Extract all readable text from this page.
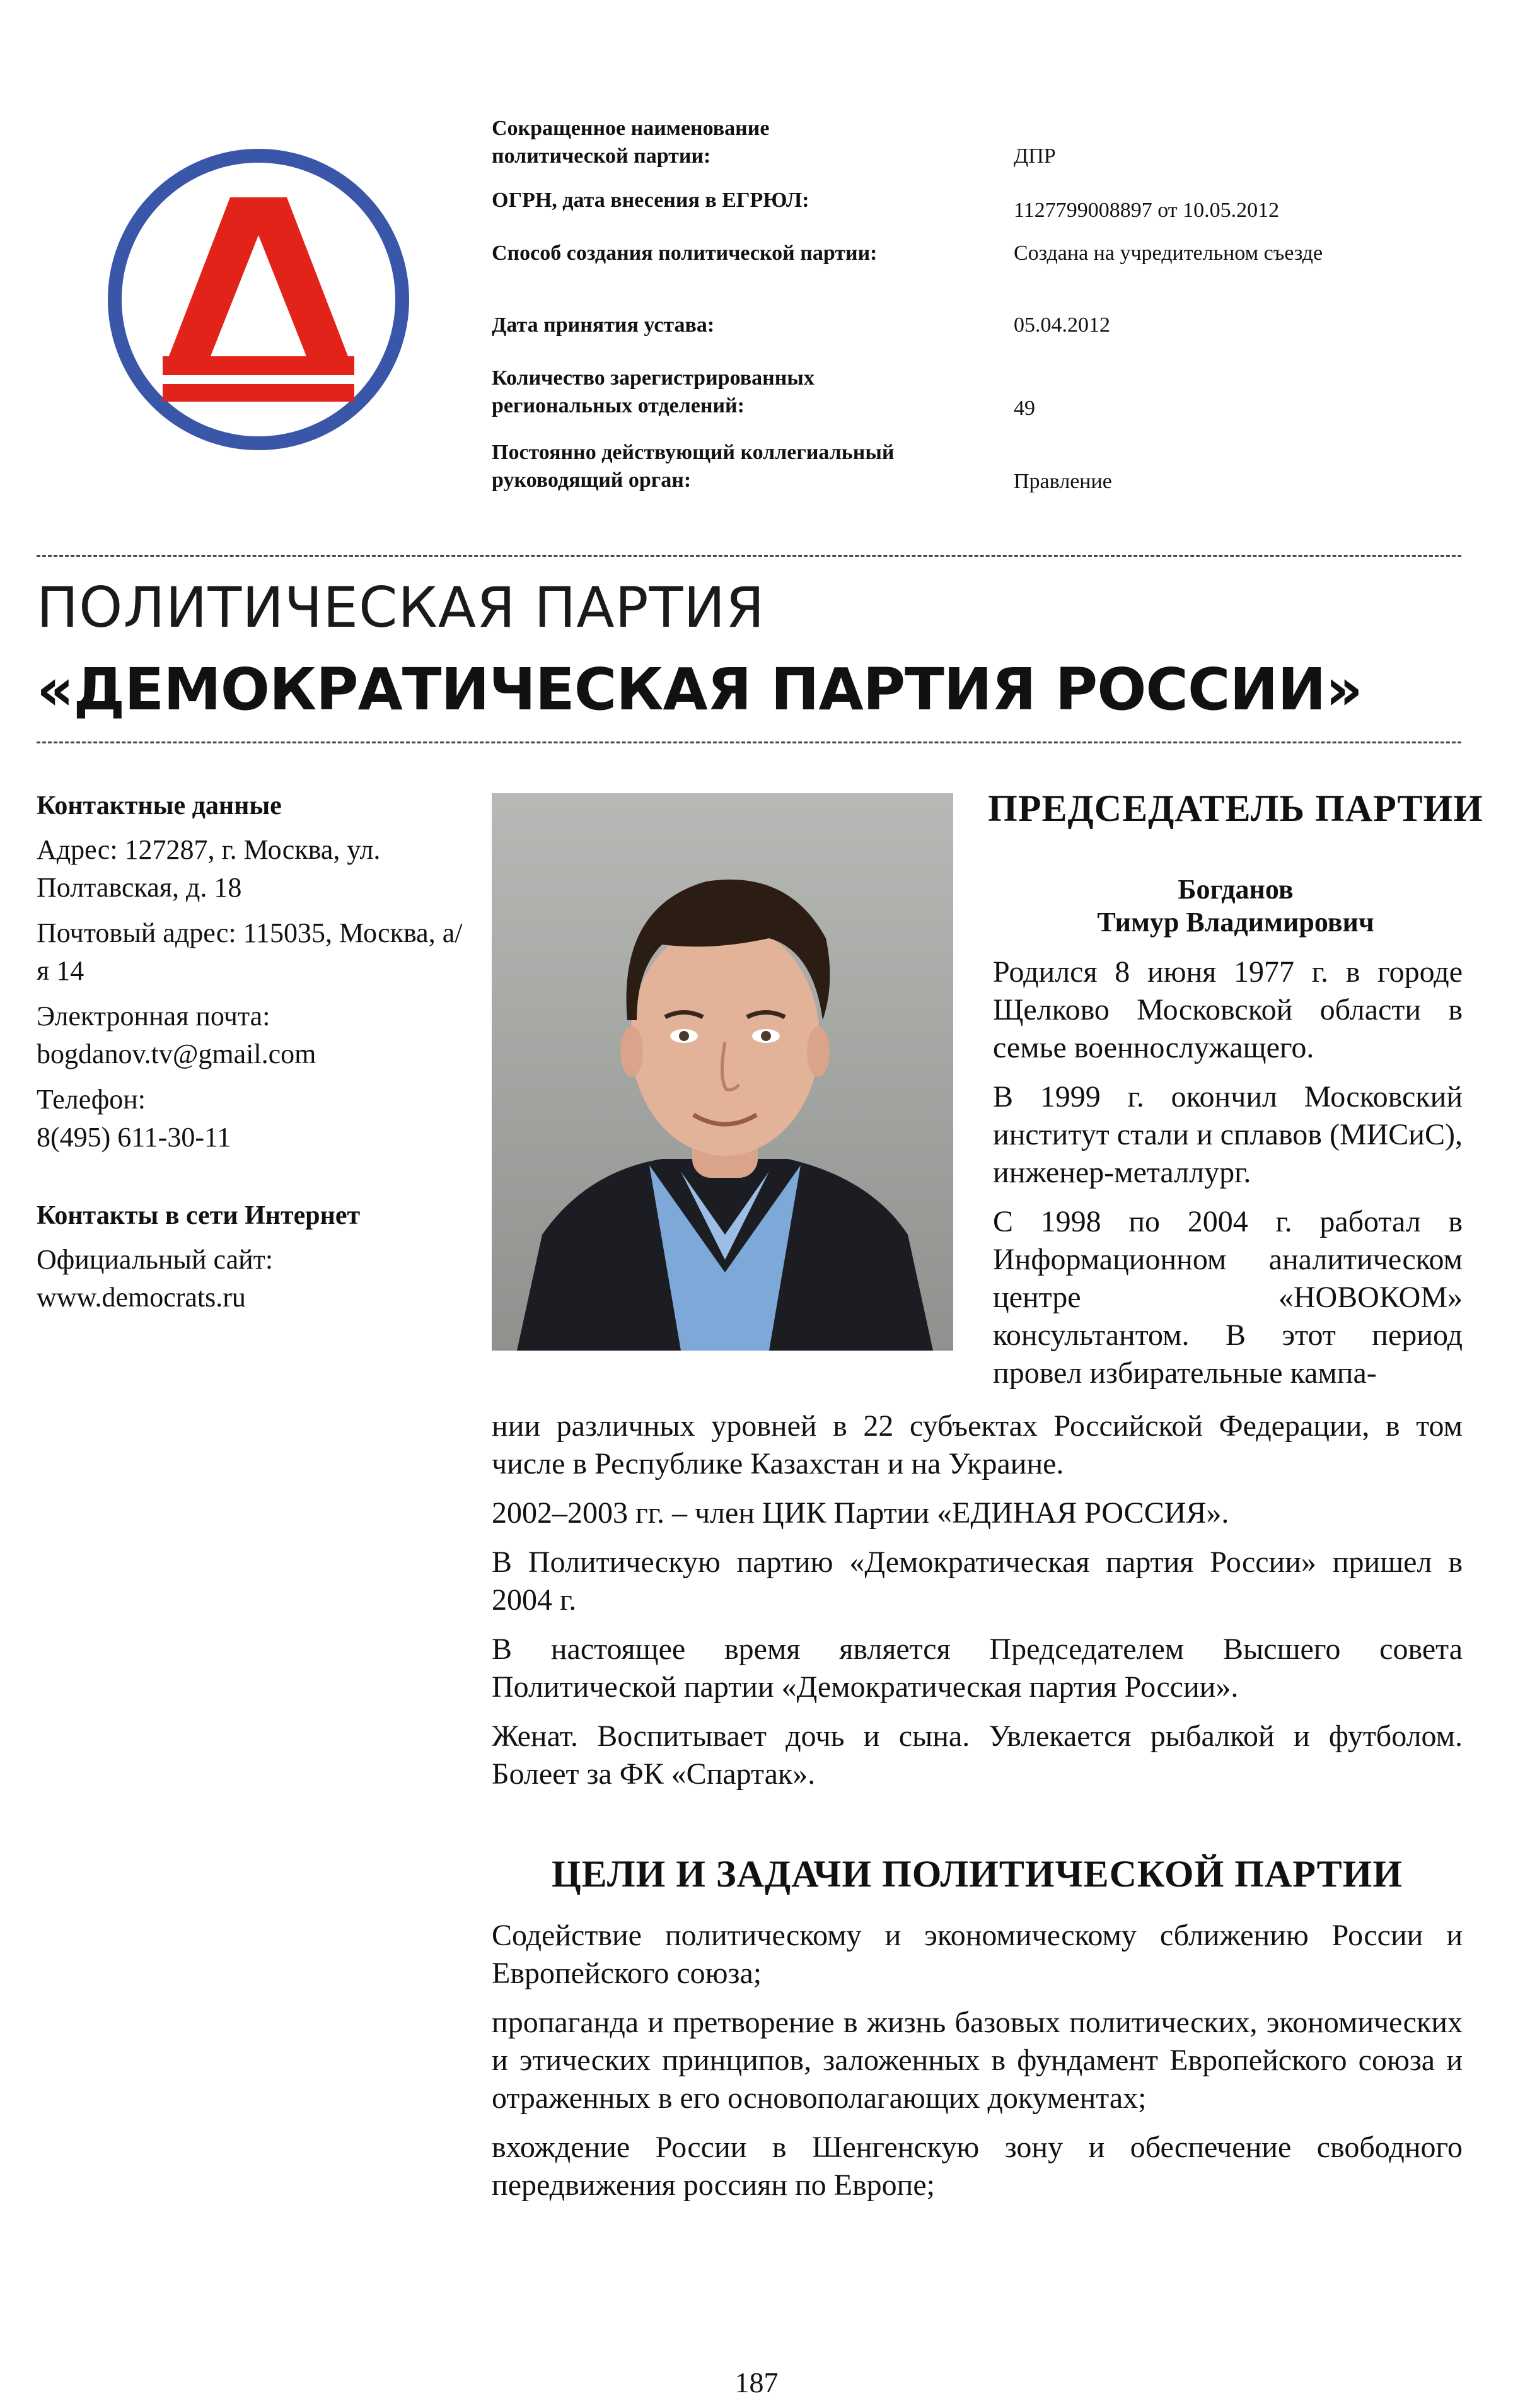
Сокращенное наименование политической партии:	ДПР
ОГРН, дата внесения в ЕГРЮЛ:	1127799008897 от 10.05.2012
Способ создания политической партии:	Создана на учредительном съезде
Дата принятия устава:	05.04.2012
Количество зарегистрированных региональных отделений:	49
Постоянно действующий коллегиальный руководящий орган:	Правление
ПОЛИТИЧЕСКАЯ ПАРТИЯ
«ДЕМОКРАТИЧЕСКАЯ ПАРТИЯ РОССИИ»
Контактные данные

Адрес: 127287, г. Москва, ул. Полтавская, д. 18

Почтовый адрес: 115035, Москва, а/я 14

Электронная почта:
bogdanov.tv@gmail.com

Телефон:
8(495) 611-30-11

Контакты в сети Интернет

Официальный сайт:
www.democrats.ru

ПРЕДСЕДАТЕЛЬ ПАРТИИ
Богданов
Тимур Владимирович

Родился 8 июня 1977 г. в городе Щелково Московской области в семье военнослужащего.

В 1999 г. окончил Московский институт стали и сплавов (МИСиС), инженер-металлург.

С 1998 по 2004 г. работал в Информационном аналитическом центре «НОВОКОМ» консультантом. В этот период провел избирательные кампа-

нии различных уровней в 22 субъектах Российской Федерации, в том числе в Республике Казахстан и на Украине.

2002–2003 гг. – член ЦИК Партии «ЕДИНАЯ РОССИЯ».

В Политическую партию «Демократическая партия России» пришел в 2004 г.

В настоящее время является Председателем Высшего совета Политической партии «Демократическая партия России».

Женат. Воспитывает дочь и сына. Увлекается рыбалкой и футболом. Болеет за ФК «Спартак».

ЦЕЛИ И ЗАДАЧИ ПОЛИТИЧЕСКОЙ ПАРТИИ

Содействие политическому и экономическому сближению России и Европейского союза;

пропаганда и претворение в жизнь базовых политических, экономических и этических принципов, заложенных в фундамент Европейского союза и отраженных в его основополагающих документах;

вхождение России в Шенгенскую зону и обеспечение свободного передвижения россиян по Европе;

187
